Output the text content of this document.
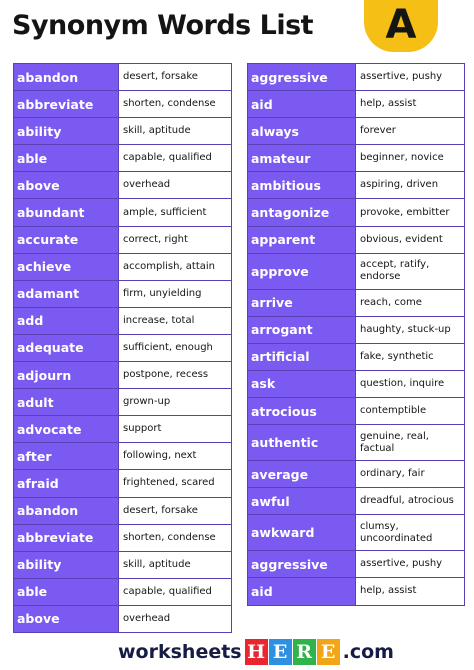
Synonym Words List	A
abandon	desert, forsake
abbreviate	shorten, condense
ability	skill, aptitude
able	capable, qualified
above	overhead
abundant	ample, sufficient
accurate	correct, right
achieve	accomplish, attain
adamant	firm, unyielding
add	increase, total
adequate	sufficient, enough
adjourn	postpone, recess
adult	grown-up
advocate	support
after	following, next
afraid	frightened, scared
abandon	desert, forsake
abbreviate	shorten, condense
ability	skill, aptitude
able	capable, qualified
above	overhead
aggressive	assertive, pushy
aid	help, assist
always	forever
amateur	beginner, novice
ambitious	aspiring, driven
antagonize	provoke, embitter
apparent	obvious, evident
approve	accept, ratify, endorse
arrive	reach, come
arrogant	haughty, stuck-up
artificial	fake, synthetic
ask	question, inquire
atrocious	contemptible
authentic	genuine, real, factual
average	ordinary, fair
awful	dreadful, atrocious
awkward	clumsy, uncoordinated
aggressive	assertive, pushy
aid	help, assist
worksheets H E R E .com
